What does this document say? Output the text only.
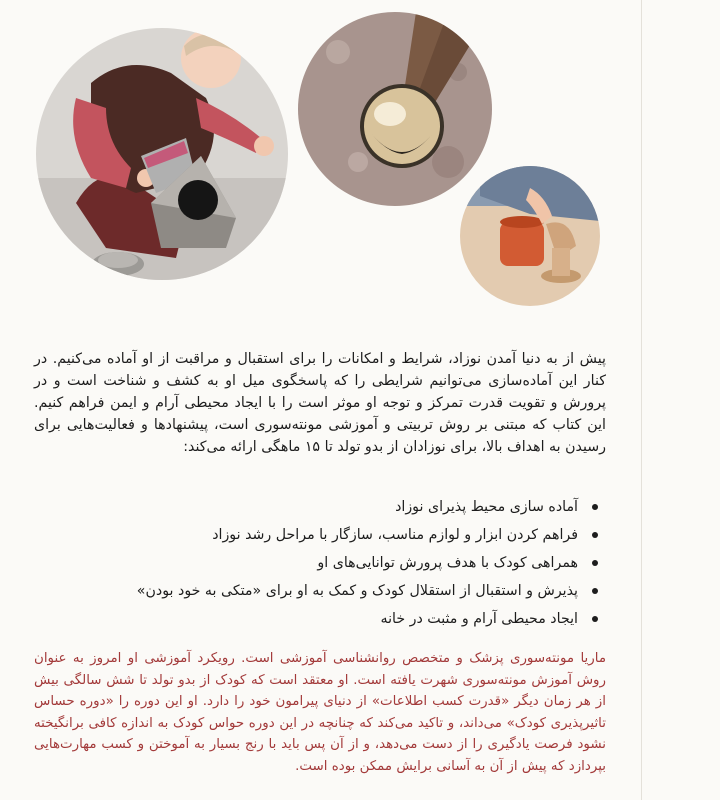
پیش از به دنیا آمدن نوزاد، شرایط و امکانات را برای استقبال و مراقبت از او آماده می‌کنیم. در کنار این آماده‌سازی می‌توانیم شرایطی را که پاسخگوی میل او به کشف و شناخت است و در پرورش و تقویت قدرت تمرکز و توجه او موثر است را با ایجاد محیطی آرام و ایمن فراهم کنیم. این کتاب که مبتنی بر روش تربیتی و آموزشی مونته‌سوری است، پیشنهادها و فعالیت‌هایی برای رسیدن به اهداف بالا، برای نوزادان از بدو تولد تا ۱۵ ماهگی ارائه می‌کند:

آماده سازی محیط پذیرای نوزاد
فراهم کردن ابزار و لوازم مناسب، سازگار با مراحل رشد نوزاد
همراهی کودک با هدف پرورش توانایی‌های او
پذیرش و استقبال از استقلال کودک و کمک به او برای «متکی به خود بودن»
ایجاد محیطی آرام و مثبت در خانه

ماریا مونته‌سوری پزشک و متخصص روانشناسی آموزشی است. رویکرد آموزشی او امروز به عنوان روش آموزش مونته‌سوری شهرت یافته است. او معتقد است که کودک از بدو تولد تا شش سالگی بیش از هر زمان دیگر «قدرت کسب اطلاعات» از دنیای پیرامون خود را دارد. او این دوره را «دوره حساس تاثیرپذیری کودک» می‌داند، و تاکید می‌کند که چنانچه در این دوره حواس کودک به اندازه کافی برانگیخته نشود فرصت یادگیری را از دست می‌دهد، و از آن پس باید با رنج بسیار به آموختن و کسب مهارت‌هایی بپردازد که پیش از آن به آسانی برایش ممکن بوده است.
